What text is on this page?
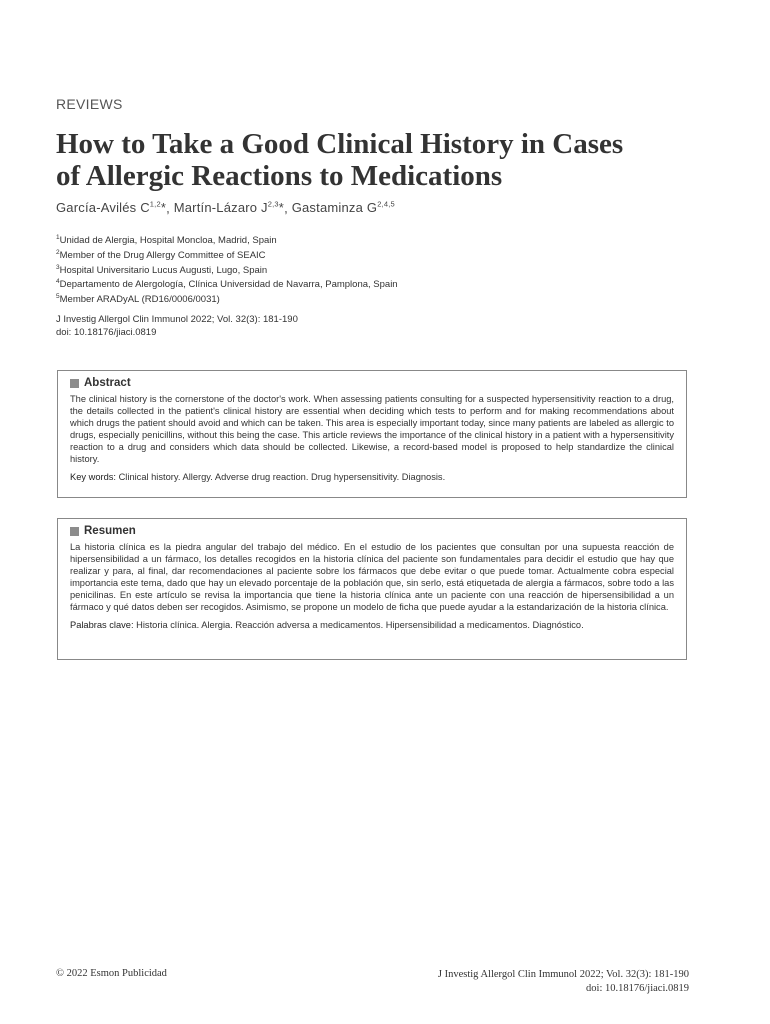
REVIEWS
How to Take a Good Clinical History in Cases
of Allergic Reactions to Medications
García-Avilés C$^{1,2}$*, Martín-Lázaro J$^{2,3}$*, Gastaminza G$^{2,4,5}$
$^1$Unidad de Alergia, Hospital Moncloa, Madrid, Spain
$^2$Member of the Drug Allergy Committee of SEAIC
$^3$Hospital Universitario Lucus Augusti, Lugo, Spain
$^4$Departamento de Alergología, Clínica Universidad de Navarra, Pamplona, Spain
$^5$Member ARADyAL (RD16/0006/0031)
J Investig Allergol Clin Immunol 2022; Vol. 32(3): 181-190
doi: 10.18176/jiaci.0819
Abstract

The clinical history is the cornerstone of the doctor's work. When assessing patients consulting for a suspected hypersensitivity reaction to a drug, the details collected in the patient's clinical history are essential when deciding which tests to perform and for making recommendations about which drugs the patient should avoid and which can be taken. This area is especially important today, since many patients are labeled as allergic to drugs, especially penicillins, without this being the case. This article reviews the importance of the clinical history in a patient with a hypersensitivity reaction to a drug and considers which data should be collected. Likewise, a record-based model is proposed to help standardize the clinical history.

Key words: Clinical history. Allergy. Adverse drug reaction. Drug hypersensitivity. Diagnosis.
Resumen

La historia clínica es la piedra angular del trabajo del médico. En el estudio de los pacientes que consultan por una supuesta reacción de hipersensibilidad a un fármaco, los detalles recogidos en la historia clínica del paciente son fundamentales para decidir el estudio que hay que realizar y para, al final, dar recomendaciones al paciente sobre los fármacos que debe evitar o que puede tomar. Actualmente cobra especial importancia este tema, dado que hay un elevado porcentaje de la población que, sin serlo, está etiquetada de alergia a fármacos, sobre todo a las penicilinas. En este artículo se revisa la importancia que tiene la historia clínica ante un paciente con una reacción de hipersensibilidad a un fármaco y qué datos deben ser recogidos. Asimismo, se propone un modelo de ficha que puede ayudar a la estandarización de la historia clínica.

Palabras clave: Historia clínica. Alergia. Reacción adversa a medicamentos. Hipersensibilidad a medicamentos. Diagnóstico.
© 2022 Esmon Publicidad	J Investig Allergol Clin Immunol 2022; Vol. 32(3): 181-190
doi: 10.18176/jiaci.0819
